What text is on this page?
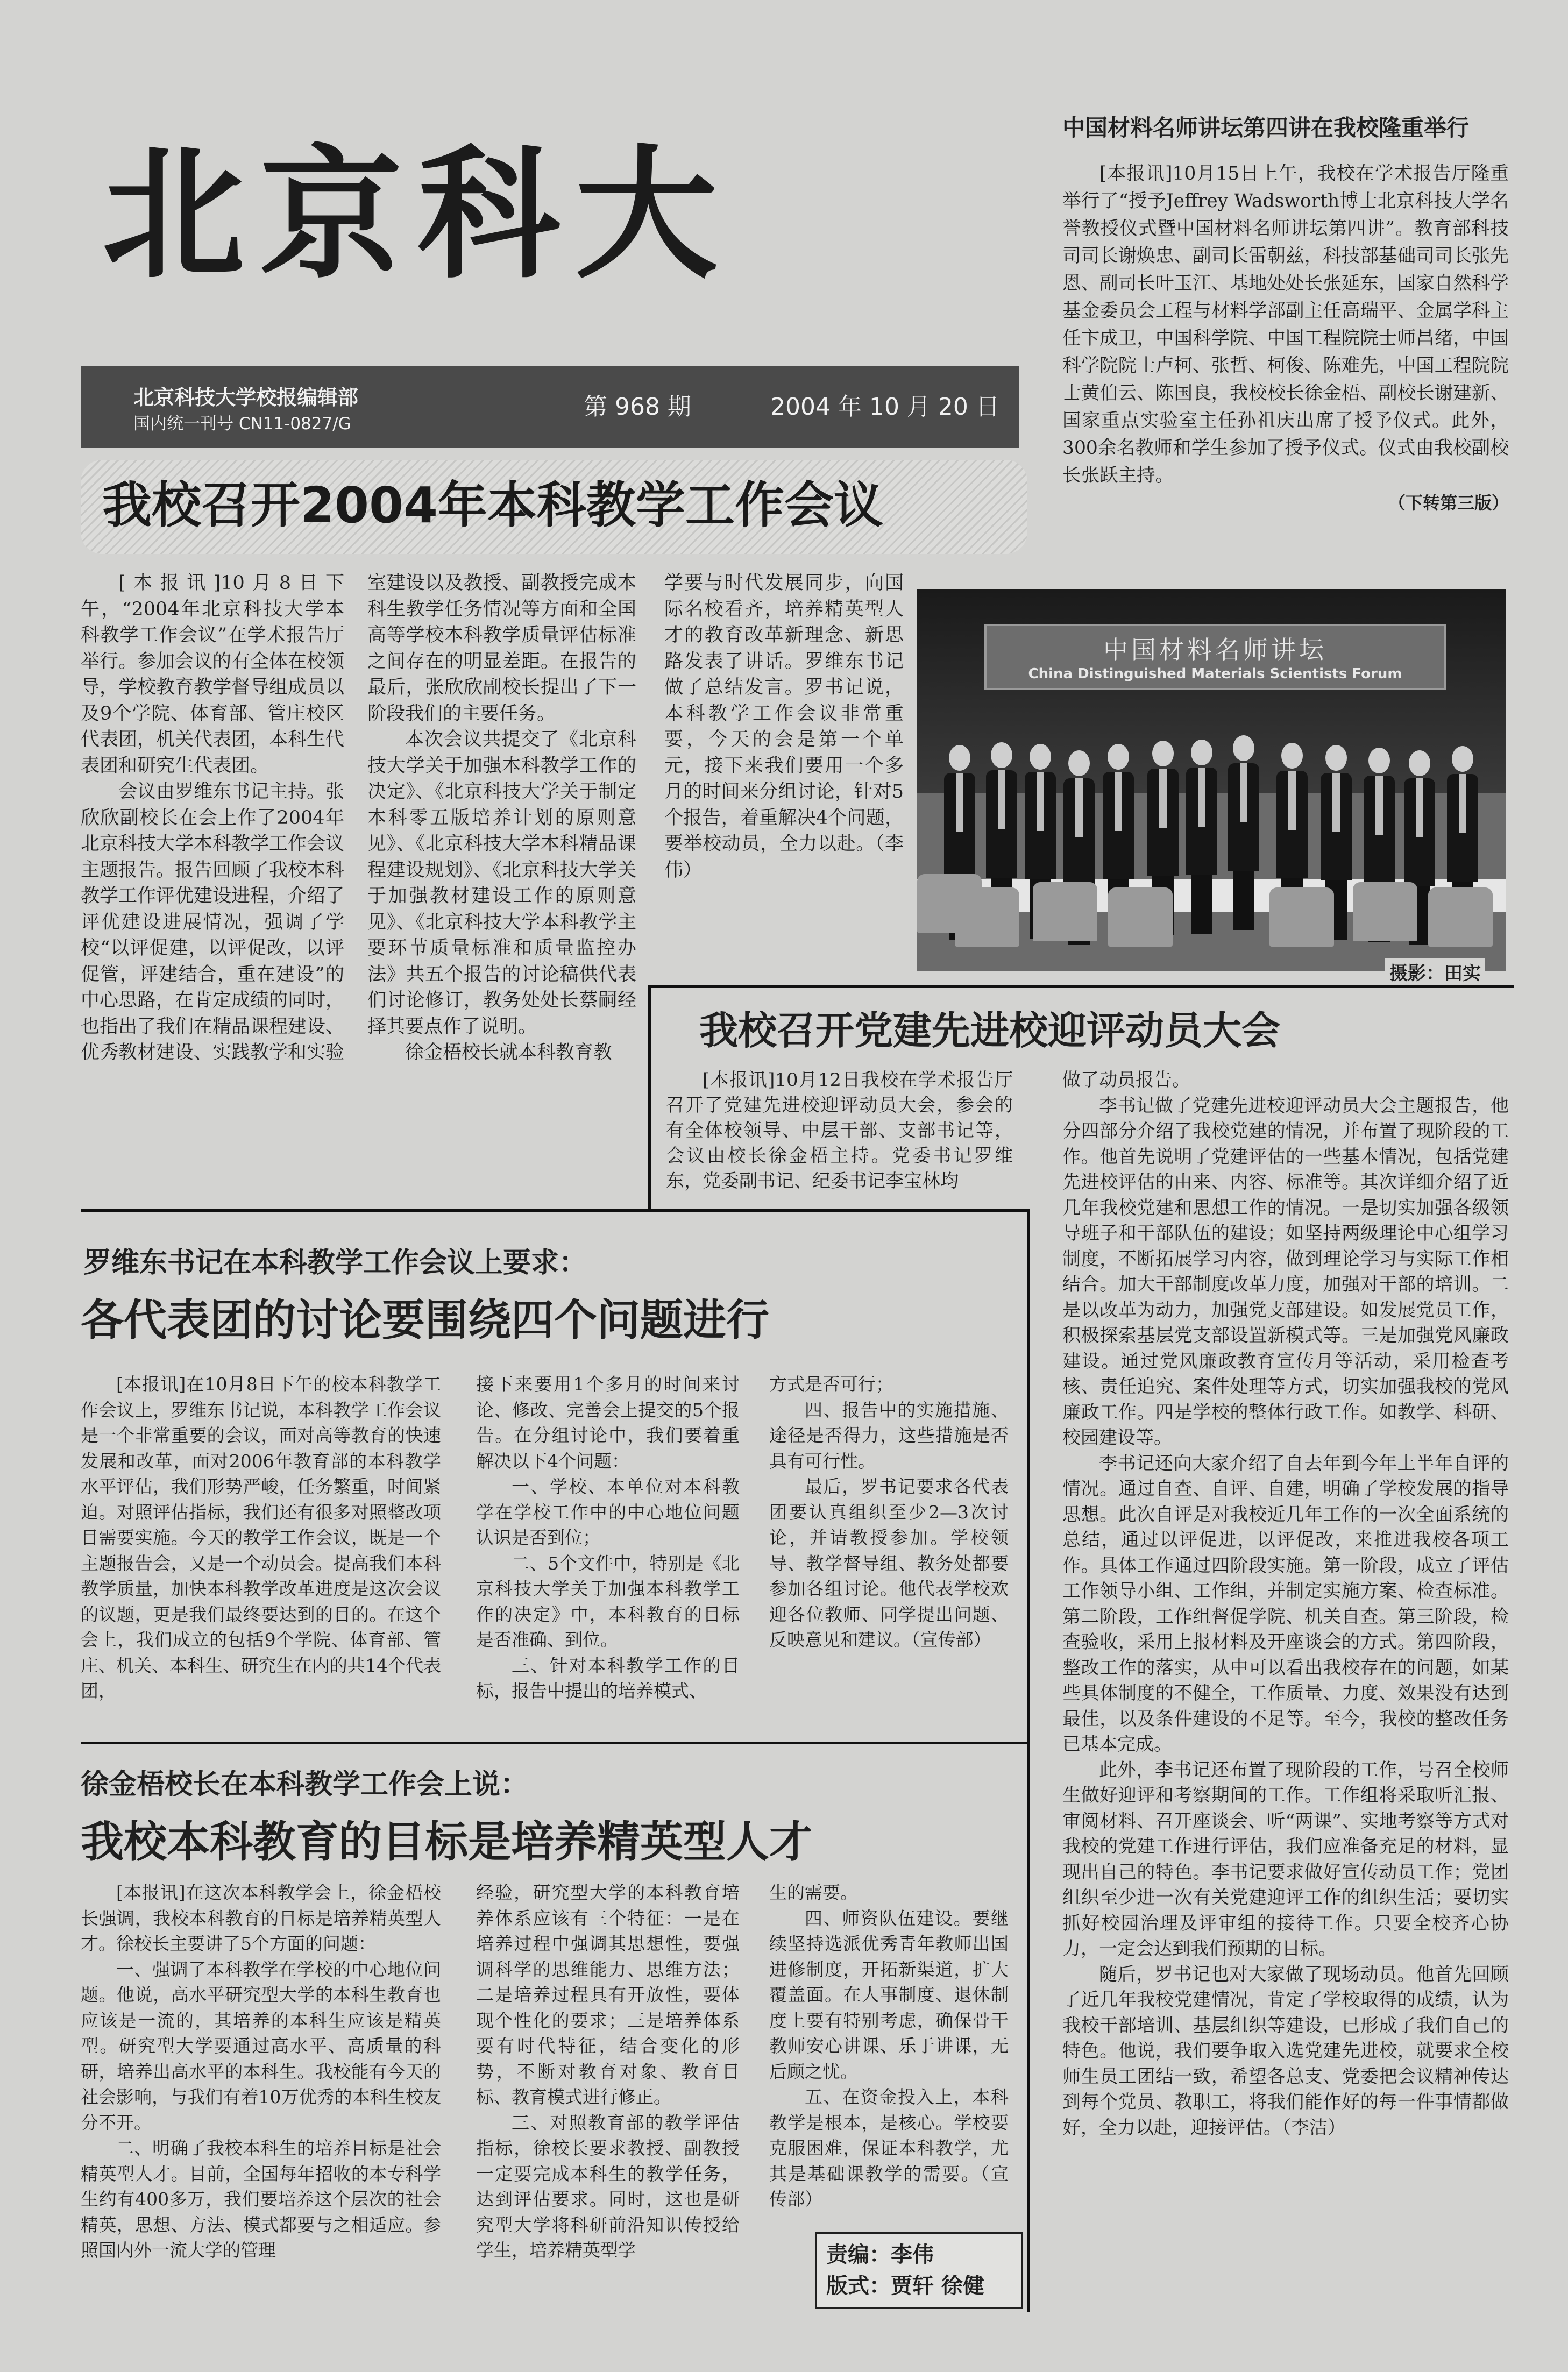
北京科大
北京科技大学校报编辑部
国内统一刊号 CN11-0827/G
第 968 期	2004 年 10 月 20 日
中国材料名师讲坛第四讲在我校隆重举行

[本报讯]10月15日上午，我校在学术报告厅隆重举行了“授予Jeffrey Wadsworth博士北京科技大学名誉教授仪式暨中国材料名师讲坛第四讲”。教育部科技司司长谢焕忠、副司长雷朝兹，科技部基础司司长张先恩、副司长叶玉江、基地处处长张延东，国家自然科学基金委员会工程与材料学部副主任高瑞平、金属学科主任卞成卫，中国科学院、中国工程院院士师昌绪，中国科学院院士卢柯、张哲、柯俊、陈难先，中国工程院院士黄伯云、陈国良，我校校长徐金梧、副校长谢建新、国家重点实验室主任孙祖庆出席了授予仪式。此外，300余名教师和学生参加了授予仪式。仪式由我校副校长张跃主持。

（下转第三版）
我校召开2004年本科教学工作会议

[本报讯]10月8日下午，“2004年北京科技大学本科教学工作会议”在学术报告厅举行。参加会议的有全体在校领导，学校教育教学督导组成员以及9个学院、体育部、管庄校区代表团，机关代表团，本科生代表团和研究生代表团。

会议由罗维东书记主持。张欣欣副校长在会上作了2004年北京科技大学本科教学工作会议主题报告。报告回顾了我校本科教学工作评优建设进程，介绍了评优建设进展情况，强调了学校“以评促建，以评促改，以评促管，评建结合，重在建设”的中心思路，在肯定成绩的同时，也指出了我们在精品课程建设、优秀教材建设、实践教学和实验

室建设以及教授、副教授完成本科生教学任务情况等方面和全国高等学校本科教学质量评估标准之间存在的明显差距。在报告的最后，张欣欣副校长提出了下一阶段我们的主要任务。

本次会议共提交了《北京科技大学关于加强本科教学工作的决定》、《北京科技大学关于制定本科零五版培养计划的原则意见》、《北京科技大学本科精品课程建设规划》、《北京科技大学关于加强教材建设工作的原则意见》、《北京科技大学本科教学主要环节质量标准和质量监控办法》共五个报告的讨论稿供代表们讨论修订，教务处处长蔡嗣经择其要点作了说明。

徐金梧校长就本科教育教

学要与时代发展同步，向国际名校看齐，培养精英型人才的教育改革新理念、新思路发表了讲话。罗维东书记做了总结发言。罗书记说，本科教学工作会议非常重要，今天的会是第一个单元，接下来我们要用一个多月的时间来分组讨论，针对5个报告，着重解决4个问题，要举校动员，全力以赴。（李伟）

中国材料名师讲坛
China Distinguished Materials Scientists Forum
摄影：田实
我校召开党建先进校迎评动员大会

[本报讯]10月12日我校在学术报告厅召开了党建先进校迎评动员大会，参会的有全体校领导、中层干部、支部书记等，会议由校长徐金梧主持。党委书记罗维东，党委副书记、纪委书记李宝林均

做了动员报告。

李书记做了党建先进校迎评动员大会主题报告，他分四部分介绍了我校党建的情况，并布置了现阶段的工作。他首先说明了党建评估的一些基本情况，包括党建先进校评估的由来、内容、标准等。其次详细介绍了近几年我校党建和思想工作的情况。一是切实加强各级领导班子和干部队伍的建设；如坚持两级理论中心组学习制度，不断拓展学习内容，做到理论学习与实际工作相结合。加大干部制度改革力度，加强对干部的培训。二是以改革为动力，加强党支部建设。如发展党员工作，积极探索基层党支部设置新模式等。三是加强党风廉政建设。通过党风廉政教育宣传月等活动，采用检查考核、责任追究、案件处理等方式，切实加强我校的党风廉政工作。四是学校的整体行政工作。如教学、科研、校园建设等。

李书记还向大家介绍了自去年到今年上半年自评的情况。通过自查、自评、自建，明确了学校发展的指导思想。此次自评是对我校近几年工作的一次全面系统的总结，通过以评促进，以评促改，来推进我校各项工作。具体工作通过四阶段实施。第一阶段，成立了评估工作领导小组、工作组，并制定实施方案、检查标准。第二阶段，工作组督促学院、机关自查。第三阶段，检查验收，采用上报材料及开座谈会的方式。第四阶段，整改工作的落实，从中可以看出我校存在的问题，如某些具体制度的不健全，工作质量、力度、效果没有达到最佳，以及条件建设的不足等。至今，我校的整改任务已基本完成。

此外，李书记还布置了现阶段的工作，号召全校师生做好迎评和考察期间的工作。工作组将采取听汇报、审阅材料、召开座谈会、听“两课”、实地考察等方式对我校的党建工作进行评估，我们应准备充足的材料，显现出自己的特色。李书记要求做好宣传动员工作；党团组织至少进一次有关党建迎评工作的组织生活；要切实抓好校园治理及评审组的接待工作。只要全校齐心协力，一定会达到我们预期的目标。

随后，罗书记也对大家做了现场动员。他首先回顾了近几年我校党建情况，肯定了学校取得的成绩，认为我校干部培训、基层组织等建设，已形成了我们自己的特色。他说，我们要争取入选党建先进校，就要求全校师生员工团结一致，希望各总支、党委把会议精神传达到每个党员、教职工，将我们能作好的每一件事情都做好，全力以赴，迎接评估。（李洁）

罗维东书记在本科教学工作会议上要求：
各代表团的讨论要围绕四个问题进行

[本报讯]在10月8日下午的校本科教学工作会议上，罗维东书记说，本科教学工作会议是一个非常重要的会议，面对高等教育的快速发展和改革，面对2006年教育部的本科教学水平评估，我们形势严峻，任务繁重，时间紧迫。对照评估指标，我们还有很多对照整改项目需要实施。今天的教学工作会议，既是一个主题报告会，又是一个动员会。提高我们本科教学质量，加快本科教学改革进度是这次会议的议题，更是我们最终要达到的目的。在这个会上，我们成立的包括9个学院、体育部、管庄、机关、本科生、研究生在内的共14个代表团，

接下来要用1个多月的时间来讨论、修改、完善会上提交的5个报告。在分组讨论中，我们要着重解决以下4个问题：

一、学校、本单位对本科教学在学校工作中的中心地位问题认识是否到位；

二、5个文件中，特别是《北京科技大学关于加强本科教学工作的决定》中，本科教育的目标是否准确、到位。

三、针对本科教学工作的目标，报告中提出的培养模式、

方式是否可行；

四、报告中的实施措施、途径是否得力，这些措施是否具有可行性。

最后，罗书记要求各代表团要认真组织至少2—3次讨论，并请教授参加。学校领导、教学督导组、教务处都要参加各组讨论。他代表学校欢迎各位教师、同学提出问题、反映意见和建议。（宣传部）

徐金梧校长在本科教学工作会上说：
我校本科教育的目标是培养精英型人才

[本报讯]在这次本科教学会上，徐金梧校长强调，我校本科教育的目标是培养精英型人才。徐校长主要讲了5个方面的问题：

一、强调了本科教学在学校的中心地位问题。他说，高水平研究型大学的本科生教育也应该是一流的，其培养的本科生应该是精英型。研究型大学要通过高水平、高质量的科研，培养出高水平的本科生。我校能有今天的社会影响，与我们有着10万优秀的本科生校友分不开。

二、明确了我校本科生的培养目标是社会精英型人才。目前，全国每年招收的本专科学生约有400多万，我们要培养这个层次的社会精英，思想、方法、模式都要与之相适应。参照国内外一流大学的管理

经验，研究型大学的本科教育培养体系应该有三个特征：一是在培养过程中强调其思想性，要强调科学的思维能力、思维方法；二是培养过程具有开放性，要体现个性化的要求；三是培养体系要有时代特征，结合变化的形势，不断对教育对象、教育目标、教育模式进行修正。

三、对照教育部的教学评估指标，徐校长要求教授、副教授一定要完成本科生的教学任务，达到评估要求。同时，这也是研究型大学将科研前沿知识传授给学生，培养精英型学

生的需要。

四、师资队伍建设。要继续坚持选派优秀青年教师出国进修制度，开拓新渠道，扩大覆盖面。在人事制度、退休制度上要有特别考虑，确保骨干教师安心讲课、乐于讲课，无后顾之忧。

五、在资金投入上，本科教学是根本，是核心。学校要克服困难，保证本科教学，尤其是基础课教学的需要。（宣传部）

责编：李伟
版式：贾轩 徐健
